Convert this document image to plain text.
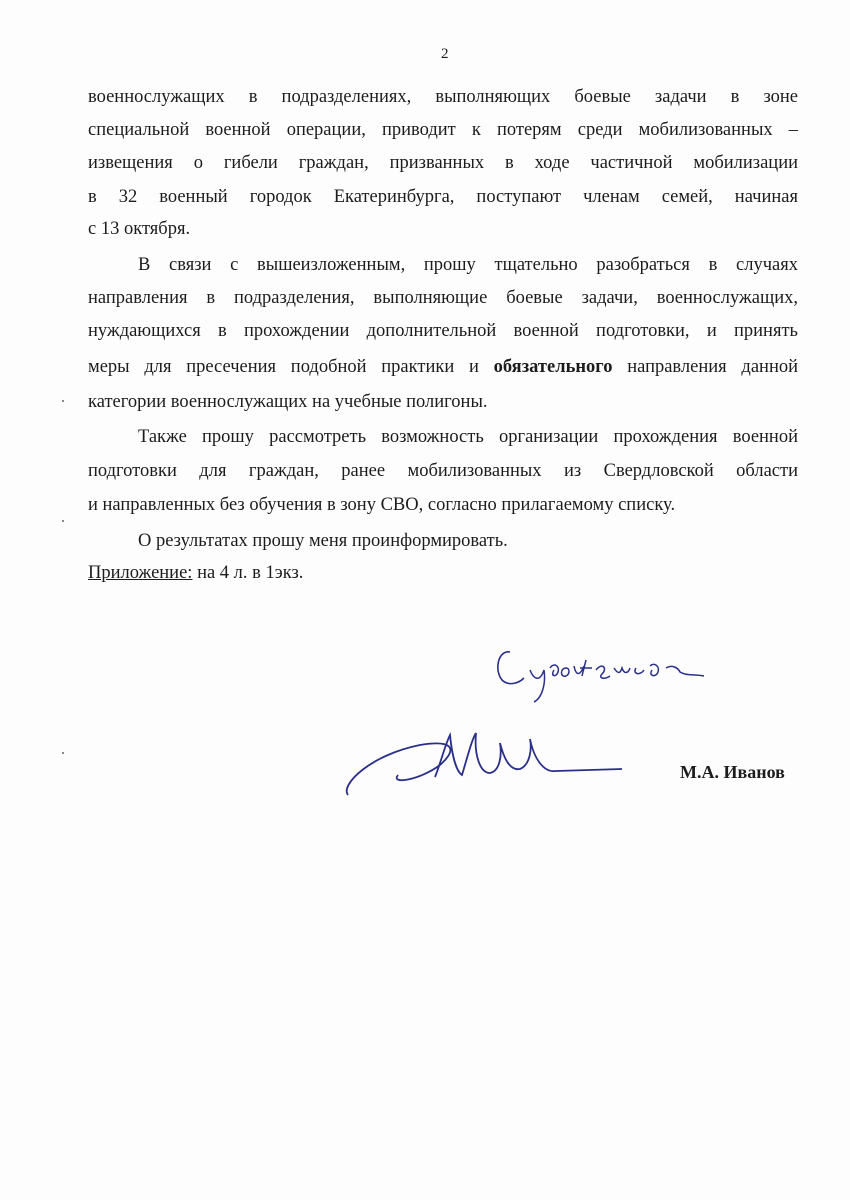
2
военнослужащих в подразделениях, выполняющих боевые задачи в зоне
специальной военной операции, приводит к потерям среди мобилизованных –
извещения о гибели граждан, призванных в ходе частичной мобилизации
в 32 военный городок Екатеринбурга, поступают членам семей, начиная
с 13 октября.
В связи с вышеизложенным, прошу тщательно разобраться в случаях
направления в подразделения, выполняющие боевые задачи, военнослужащих,
нуждающихся в прохождении дополнительной военной подготовки, и принять
меры для пресечения подобной практики и обязательного направления данной
категории военнослужащих на учебные полигоны.
Также прошу рассмотреть возможность организации прохождения военной
подготовки для граждан, ранее мобилизованных из Свердловской области
и направленных без обучения в зону СВО, согласно прилагаемому списку.
О результатах прошу меня проинформировать.
Приложение: на 4 л. в 1экз.
М.А. Иванов
